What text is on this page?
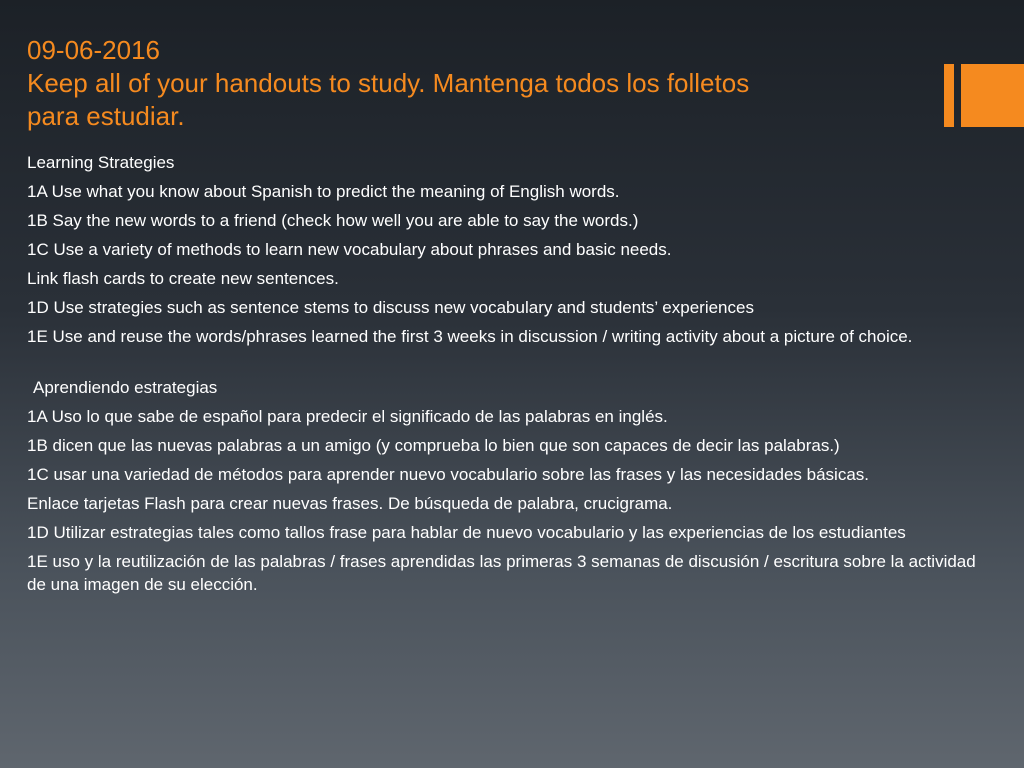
09-06-2016
Keep all of your handouts to study. Mantenga todos los folletos
para estudiar.

Learning Strategies

1A Use what you know about Spanish to predict the meaning of English words.

1B Say the new words to a friend (check how well you are able to say the words.)

1C Use a variety of methods to learn new vocabulary about phrases and basic needs.

Link flash cards to create new sentences.

1D Use strategies such as sentence stems to discuss new vocabulary and students’ experiences

1E Use and reuse the words/phrases learned the first 3 weeks in discussion / writing activity about a picture of choice.

Aprendiendo estrategias

1A Uso lo que sabe de español para predecir el significado de las palabras en inglés.

1B dicen que las nuevas palabras a un amigo (y comprueba lo bien que son capaces de decir las palabras.)

1C usar una variedad de métodos para aprender nuevo vocabulario sobre las frases y las necesidades básicas.

Enlace tarjetas Flash para crear nuevas frases. De búsqueda de palabra, crucigrama.

1D Utilizar estrategias tales como tallos frase para hablar de nuevo vocabulario y las experiencias de los estudiantes

1E uso y la reutilización de las palabras / frases aprendidas las primeras 3 semanas de discusión / escritura sobre la actividad de una imagen de su elección.
